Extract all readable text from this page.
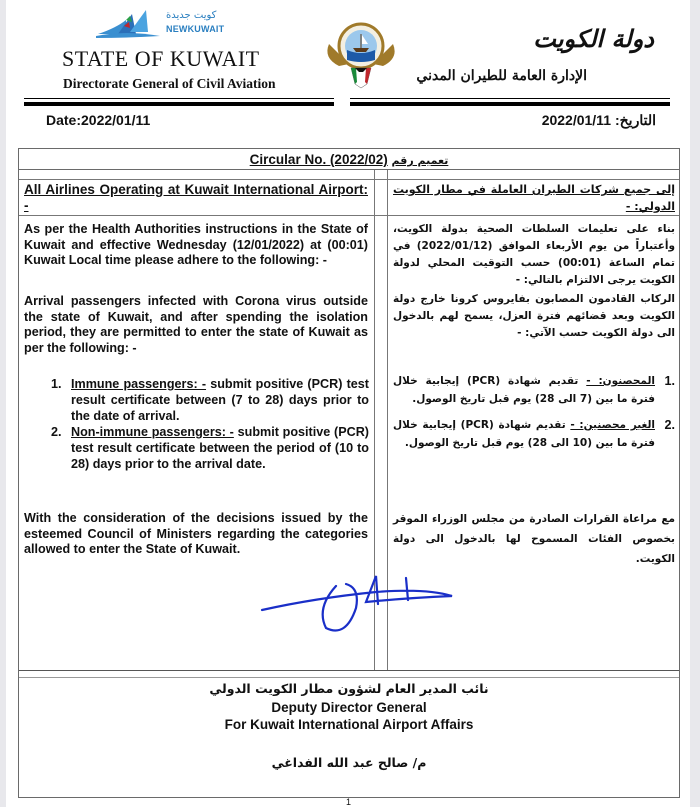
كويت جديدة
NEWKUWAIT
STATE OF KUWAIT
Directorate General of Civil Aviation
دولة الكويت
الإدارة العامة للطيران المدني
Date:2022/01/11	التاريخ:
2022/01/11
Circular No. (2022/02) تعميم رقم
All Airlines Operating at Kuwait International Airport: -
إلى جميع شركات الطيران العاملة في مطار الكويت الدولي: -
As per the Health Authorities instructions in the State of Kuwait and effective Wednesday (12/01/2022) at (00:01) Kuwait Local time please adhere to the following: -
بناء على تعليمات السلطات الصحية بدولة الكويت، وأعتباراً من يوم الأربعاء الموافق (2022/01/12) في تمام الساعة (00:01) حسب التوقيت المحلي لدولة الكويت يرجى الالتزام بالتالي: -
Arrival passengers infected with Corona virus outside the state of Kuwait, and after spending the isolation period, they are permitted to enter the state of Kuwait as per the following: -
الركاب القادمون المصابون بفايروس كرونا خارج دولة الكويت وبعد قضائهم فترة العزل، يسمح لهم بالدخول الى دولة الكويت حسب الآتي: -
1. Immune passengers: - submit positive (PCR) test result certificate between (7 to 28) days prior to the date of arrival.
2. Non-immune passengers: - submit positive (PCR) test result certificate between the period of (10 to 28) days prior to the arrival date.
.1
المحصنون: - تقديم شهادة (PCR) إيجابية خلال فترة ما بين (7 الى 28) يوم قبل تاريخ الوصول.
.2
الغير محصنين: - تقديم شهادة (PCR) إيجابية خلال فترة ما بين (10 الى 28) يوم قبل تاريخ الوصول.
With the consideration of the decisions issued by the esteemed Council of Ministers regarding the categories allowed to enter the State of Kuwait.
مع مراعاة القرارات الصادرة من مجلس الوزراء الموقر بخصوص الفئات المسموح لها بالدخول الى دولة الكويت.
نائب المدير العام لشؤون مطار الكويت الدولي
Deputy Director General
For Kuwait International Airport Affairs
م/ صالح عبد الله الفداغي
1
